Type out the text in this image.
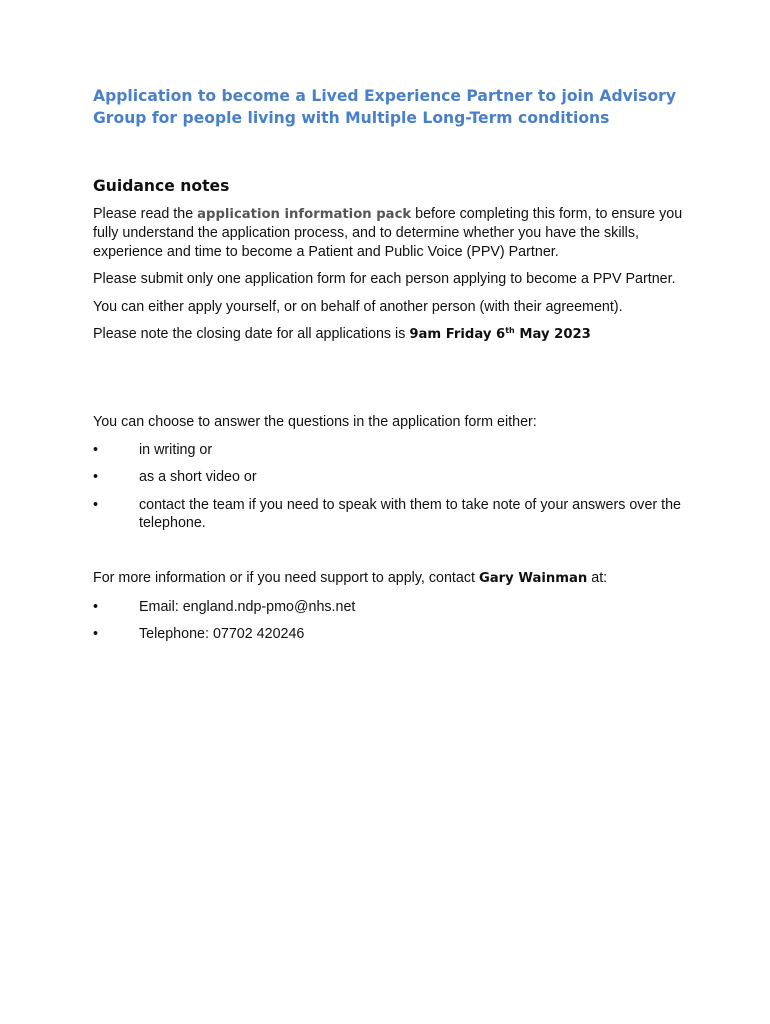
Application to become a Lived Experience Partner to join Advisory Group for people living with Multiple Long-Term conditions
Guidance notes

Please read the application information pack before completing this form, to ensure you fully understand the application process, and to determine whether you have the skills, experience and time to become a Patient and Public Voice (PPV) Partner.

Please submit only one application form for each person applying to become a PPV Partner.

You can either apply yourself, or on behalf of another person (with their agreement).

Please note the closing date for all applications is 9am Friday 6th May 2023

You can choose to answer the questions in the application form either:

•	in writing or
•	as a short video or
•	contact the team if you need to speak with them to take note of your answers over the telephone.

For more information or if you need support to apply, contact Gary Wainman at:

•	Email: england.ndp-pmo@nhs.net
•	Telephone: 07702 420246
